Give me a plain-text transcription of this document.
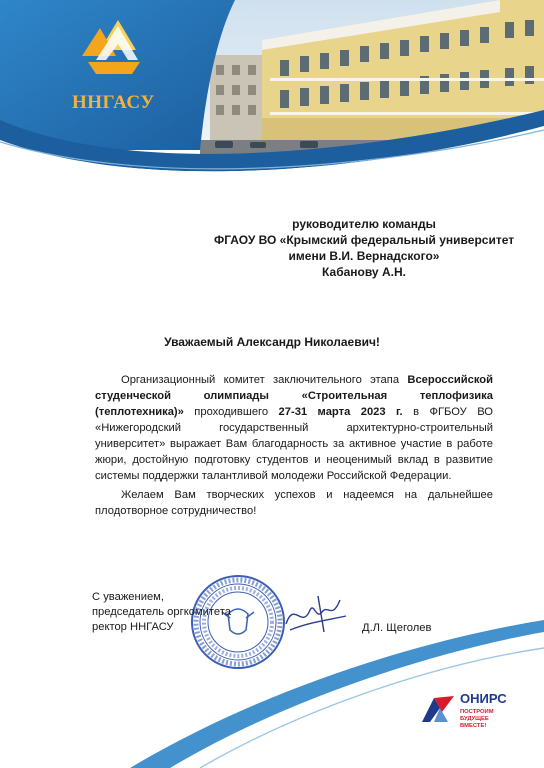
ННГАСУ
руководителю команды
ФГАОУ ВО «Крымский федеральный университет
имени В.И. Вернадского»
Кабанову А.Н.
Уважаемый Александр Николаевич!

Организационный комитет заключительного этапа Всероссийской студенческой олимпиады «Строительная теплофизика (теплотехника)» проходившего 27-31 марта 2023 г. в ФГБОУ ВО «Нижегородский государственный архитектурно-строительный университет» выражает Вам благодарность за активное участие в работе жюри, достойную подготовку студентов и неоценимый вклад в развитие системы поддержки талантливой молодежи Российской Федерации.

Желаем Вам творческих успехов и надеемся на дальнейшее плодотворное сотрудничество!

С уважением,
председатель оргкомитета
ректор ННГАСУ	Д.Л. Щеголев
ОНИРС
ПОСТРОИМ
БУДУЩЕЕ
ВМЕСТЕ!
